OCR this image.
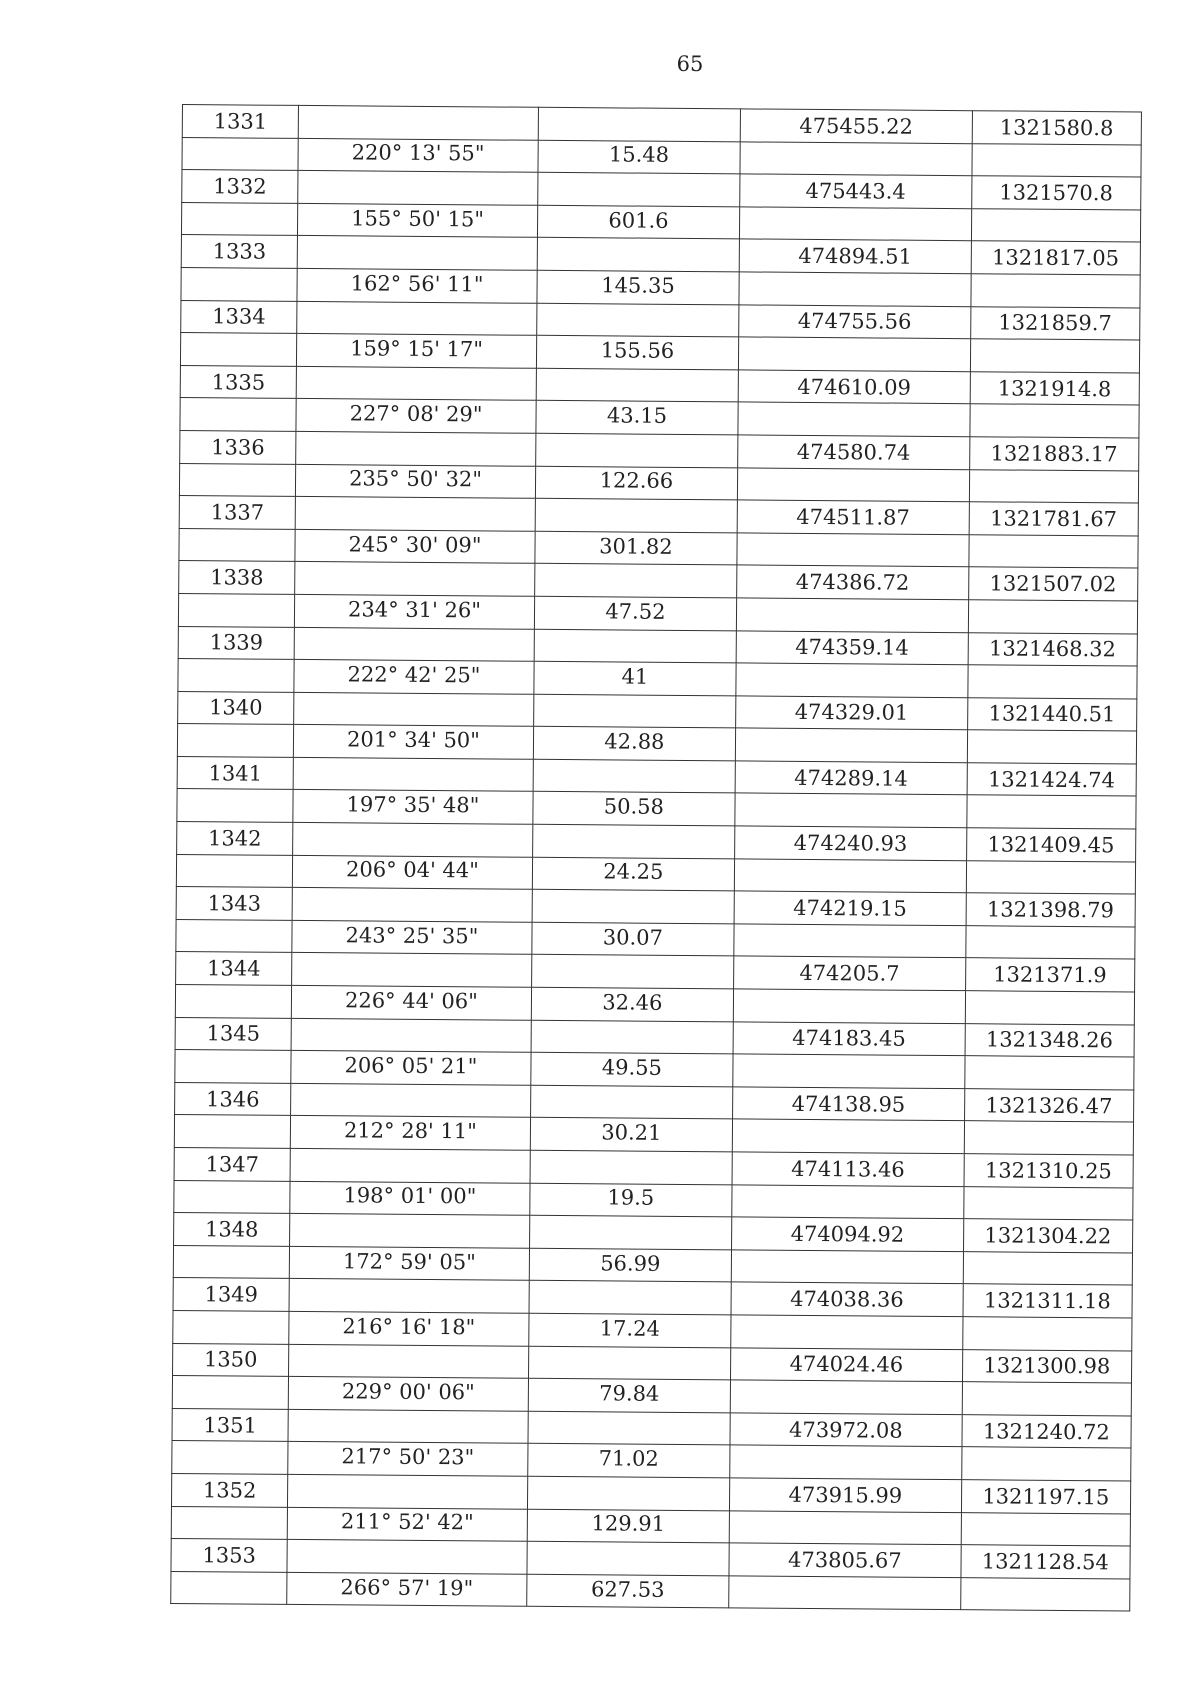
65
1331			475455.22	1321580.8
	220° 13' 55"	15.48		
1332			475443.4	1321570.8
	155° 50' 15"	601.6		
1333			474894.51	1321817.05
	162° 56' 11"	145.35		
1334			474755.56	1321859.7
	159° 15' 17"	155.56		
1335			474610.09	1321914.8
	227° 08' 29"	43.15		
1336			474580.74	1321883.17
	235° 50' 32"	122.66		
1337			474511.87	1321781.67
	245° 30' 09"	301.82		
1338			474386.72	1321507.02
	234° 31' 26"	47.52		
1339			474359.14	1321468.32
	222° 42' 25"	41		
1340			474329.01	1321440.51
	201° 34' 50"	42.88		
1341			474289.14	1321424.74
	197° 35' 48"	50.58		
1342			474240.93	1321409.45
	206° 04' 44"	24.25		
1343			474219.15	1321398.79
	243° 25' 35"	30.07		
1344			474205.7	1321371.9
	226° 44' 06"	32.46		
1345			474183.45	1321348.26
	206° 05' 21"	49.55		
1346			474138.95	1321326.47
	212° 28' 11"	30.21		
1347			474113.46	1321310.25
	198° 01' 00"	19.5		
1348			474094.92	1321304.22
	172° 59' 05"	56.99		
1349			474038.36	1321311.18
	216° 16' 18"	17.24		
1350			474024.46	1321300.98
	229° 00' 06"	79.84		
1351			473972.08	1321240.72
	217° 50' 23"	71.02		
1352			473915.99	1321197.15
	211° 52' 42"	129.91		
1353			473805.67	1321128.54
	266° 57' 19"	627.53		
